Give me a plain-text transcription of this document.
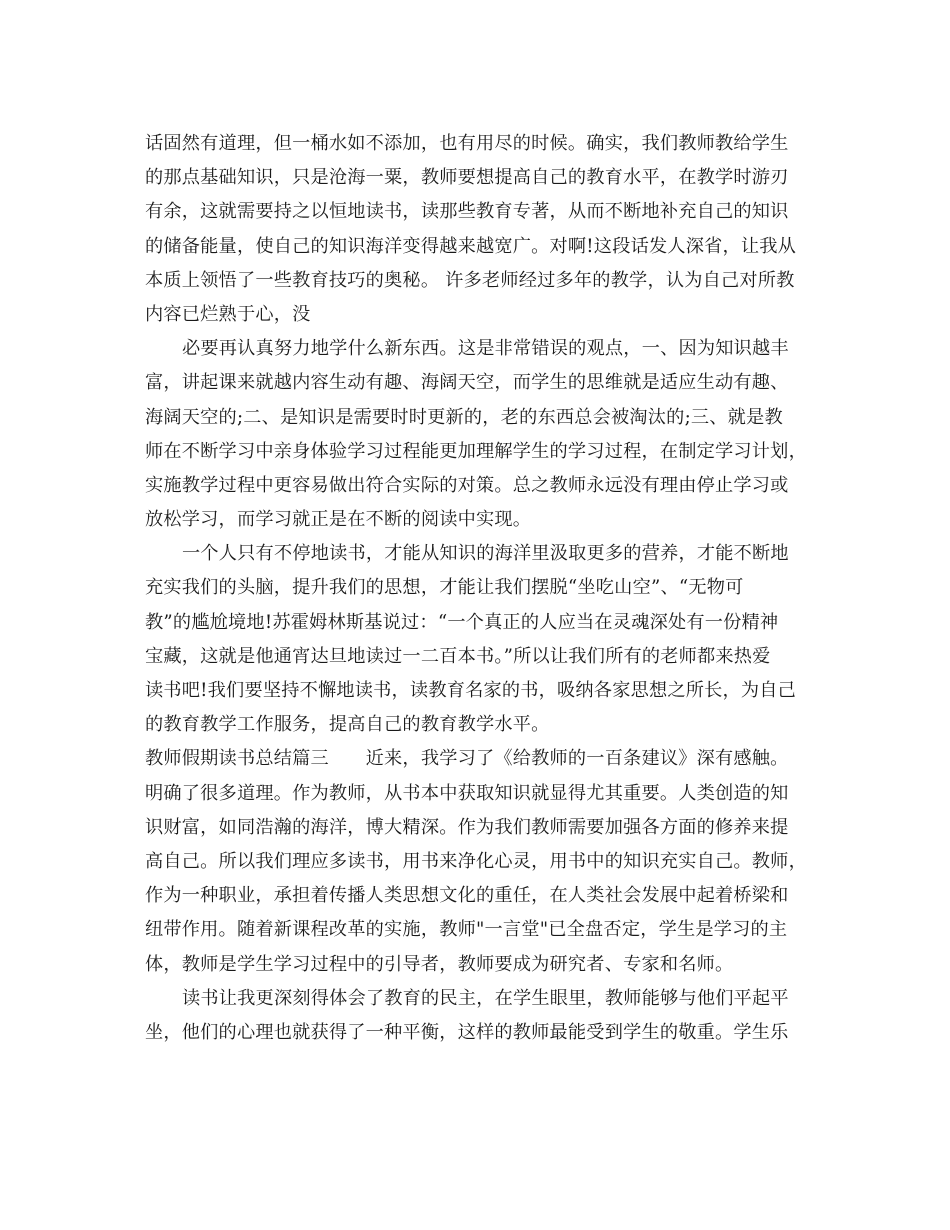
话固然有道理，但一桶水如不添加，也有用尽的时候。确实，我们教师教给学生
的那点基础知识，只是沧海一粟，教师要想提高自己的教育水平，在教学时游刃
有余，这就需要持之以恒地读书，读那些教育专著，从而不断地补充自己的知识
的储备能量，使自己的知识海洋变得越来越宽广。对啊!这段话发人深省，让我从
本质上领悟了一些教育技巧的奥秘。 许多老师经过多年的教学，认为自己对所教
内容已烂熟于心，没
必要再认真努力地学什么新东西。这是非常错误的观点，一、因为知识越丰
富，讲起课来就越内容生动有趣、海阔天空，而学生的思维就是适应生动有趣、
海阔天空的;二、是知识是需要时时更新的，老的东西总会被淘汰的;三、就是教
师在不断学习中亲身体验学习过程能更加理解学生的学习过程，在制定学习计划，
实施教学过程中更容易做出符合实际的对策。总之教师永远没有理由停止学习或
放松学习，而学习就正是在不断的阅读中实现。
一个人只有不停地读书，才能从知识的海洋里汲取更多的营养，才能不断地
充实我们的头脑，提升我们的思想，才能让我们摆脱“坐吃山空”、“无物可
教”的尴尬境地!苏霍姆林斯基说过：“一个真正的人应当在灵魂深处有一份精神
宝藏，这就是他通宵达旦地读过一二百本书。”所以让我们所有的老师都来热爱
读书吧!我们要坚持不懈地读书，读教育名家的书，吸纳各家思想之所长，为自己
的教育教学工作服务，提高自己的教育教学水平。
教师假期读书总结篇三　　近来，我学习了《给教师的一百条建议》深有感触。
明确了很多道理。作为教师，从书本中获取知识就显得尤其重要。人类创造的知
识财富，如同浩瀚的海洋，博大精深。作为我们教师需要加强各方面的修养来提
高自己。所以我们理应多读书，用书来净化心灵，用书中的知识充实自己。教师，
作为一种职业，承担着传播人类思想文化的重任，在人类社会发展中起着桥梁和
纽带作用。随着新课程改革的实施，教师"一言堂"已全盘否定，学生是学习的主
体，教师是学生学习过程中的引导者，教师要成为研究者、专家和名师。
读书让我更深刻得体会了教育的民主，在学生眼里，教师能够与他们平起平
坐，他们的心理也就获得了一种平衡，这样的教师最能受到学生的敬重。学生乐
